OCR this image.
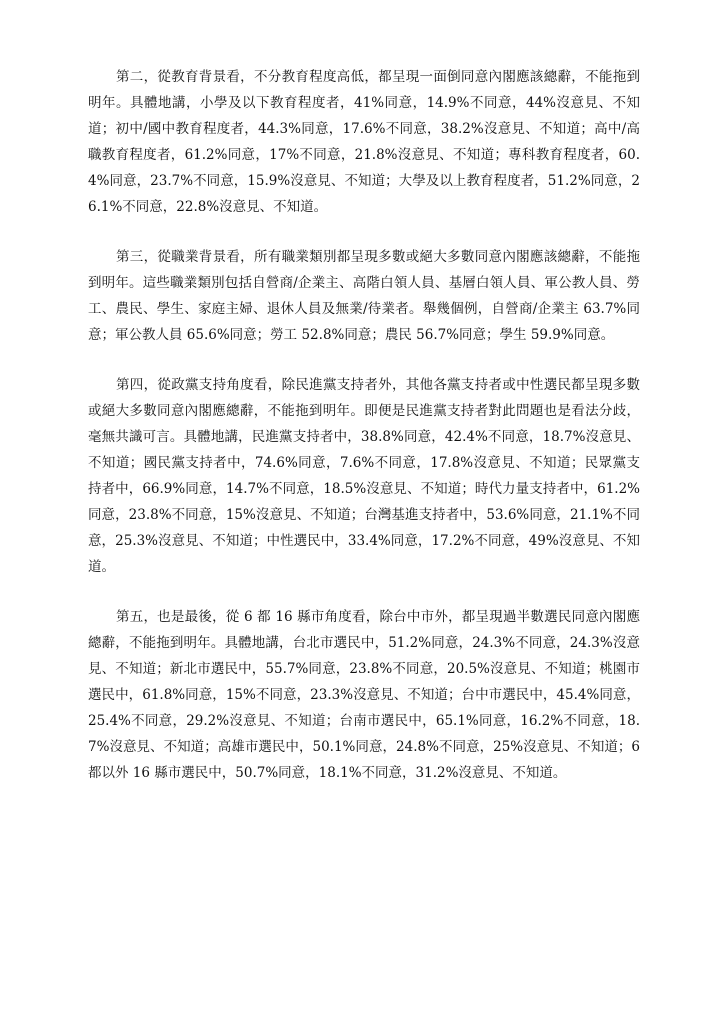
第二，從教育背景看，不分教育程度高低，都呈現一面倒同意內閣應該總辭，不能拖到明年。具體地講，小學及以下教育程度者，41%同意，14.9%不同意，44%沒意見、不知道；初中/國中教育程度者，44.3%同意，17.6%不同意，38.2%沒意見、不知道；高中/高職教育程度者，61.2%同意，17%不同意，21.8%沒意見、不知道；專科教育程度者，60.4%同意，23.7%不同意，15.9%沒意見、不知道；大學及以上教育程度者，51.2%同意，26.1%不同意，22.8%沒意見、不知道。

第三，從職業背景看，所有職業類別都呈現多數或絕大多數同意內閣應該總辭，不能拖到明年。這些職業類別包括自營商/企業主、高階白領人員、基層白領人員、軍公教人員、勞工、農民、學生、家庭主婦、退休人員及無業/待業者。舉幾個例，自營商/企業主 63.7%同意；軍公教人員 65.6%同意；勞工 52.8%同意；農民 56.7%同意；學生 59.9%同意。

第四，從政黨支持角度看，除民進黨支持者外，其他各黨支持者或中性選民都呈現多數或絕大多數同意內閣應總辭，不能拖到明年。即便是民進黨支持者對此問題也是看法分歧，毫無共識可言。具體地講，民進黨支持者中，38.8%同意，42.4%不同意，18.7%沒意見、不知道；國民黨支持者中，74.6%同意，7.6%不同意，17.8%沒意見、不知道；民眾黨支持者中，66.9%同意，14.7%不同意，18.5%沒意見、不知道；時代力量支持者中，61.2%同意，23.8%不同意，15%沒意見、不知道；台灣基進支持者中，53.6%同意，21.1%不同意，25.3%沒意見、不知道；中性選民中，33.4%同意，17.2%不同意，49%沒意見、不知道。

第五，也是最後，從 6 都 16 縣市角度看，除台中市外，都呈現過半數選民同意內閣應總辭，不能拖到明年。具體地講，台北市選民中，51.2%同意，24.3%不同意，24.3%沒意見、不知道；新北市選民中，55.7%同意，23.8%不同意，20.5%沒意見、不知道；桃園市選民中，61.8%同意，15%不同意，23.3%沒意見、不知道；台中市選民中，45.4%同意，25.4%不同意，29.2%沒意見、不知道；台南市選民中，65.1%同意，16.2%不同意，18.7%沒意見、不知道；高雄市選民中，50.1%同意，24.8%不同意，25%沒意見、不知道；6 都以外 16 縣市選民中，50.7%同意，18.1%不同意，31.2%沒意見、不知道。
